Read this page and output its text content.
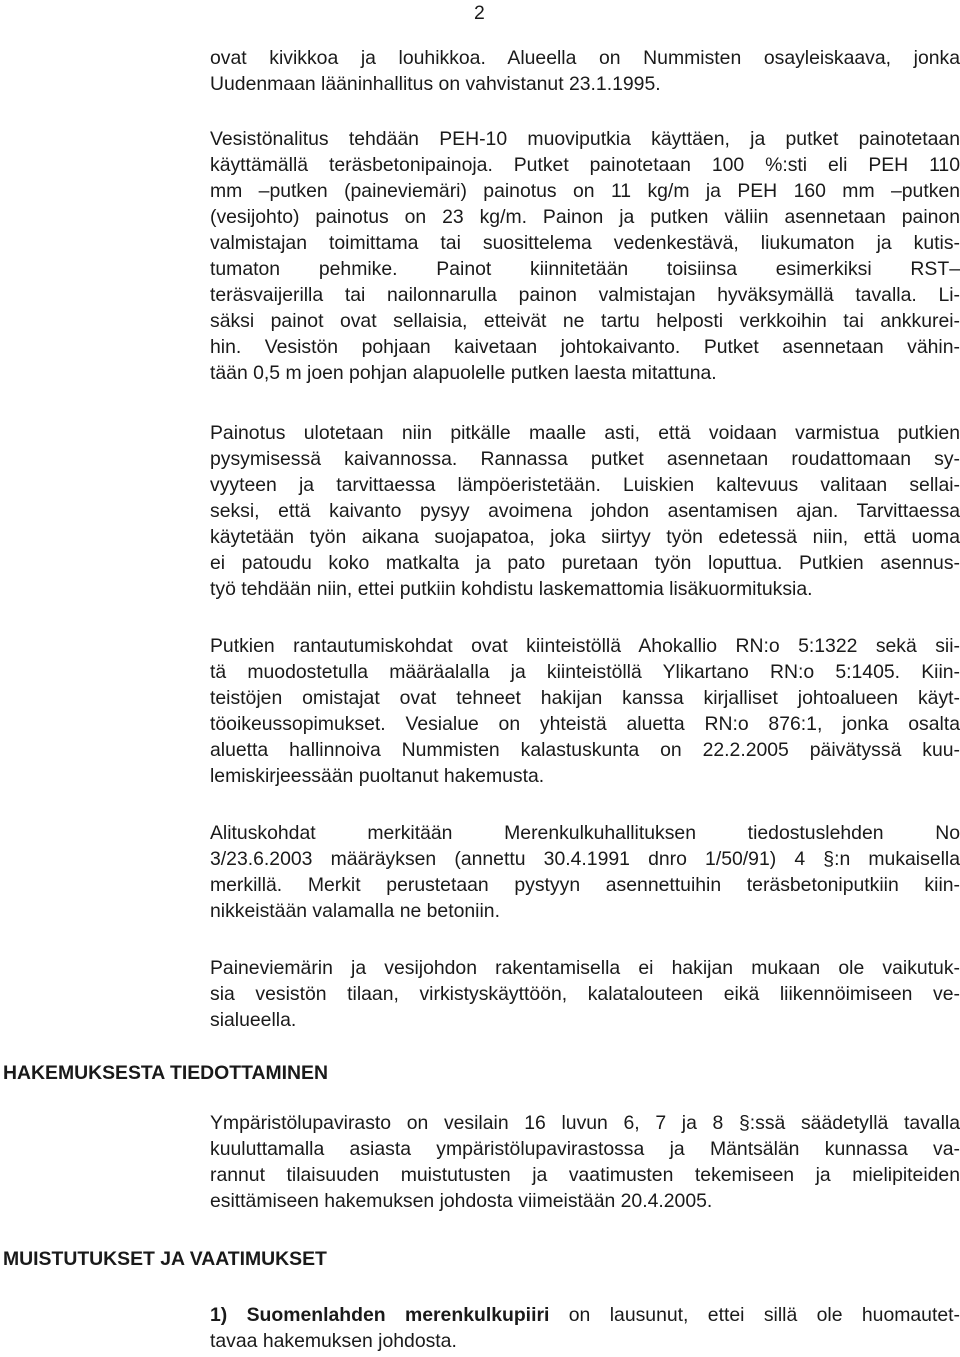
2
ovat kivikkoa ja louhikkoa. Alueella on Nummisten osayleiskaava, jonka
Uudenmaan lääninhallitus on vahvistanut 23.1.1995.
Vesistönalitus tehdään PEH-10 muoviputkia käyttäen, ja putket painotetaan
käyttämällä teräsbetonipainoja. Putket painotetaan 100 %:sti eli PEH 110
mm –putken (paineviemäri) painotus on 11 kg/m ja PEH 160 mm –putken
(vesijohto) painotus on 23 kg/m. Painon ja putken väliin asennetaan painon
valmistajan toimittama tai suosittelema vedenkestävä, liukumaton ja kutis-
tumaton pehmike. Painot kiinnitetään toisiinsa esimerkiksi RST–
teräsvaijerilla tai nailonnarulla painon valmistajan hyväksymällä tavalla. Li-
säksi painot ovat sellaisia, etteivät ne tartu helposti verkkoihin tai ankkurei-
hin. Vesistön pohjaan kaivetaan johtokaivanto. Putket asennetaan vähin-
tään 0,5 m joen pohjan alapuolelle putken laesta mitattuna.
Painotus ulotetaan niin pitkälle maalle asti, että voidaan varmistua putkien
pysymisessä kaivannossa. Rannassa putket asennetaan roudattomaan sy-
vyyteen ja tarvittaessa lämpöeristetään. Luiskien kaltevuus valitaan sellai-
seksi, että kaivanto pysyy avoimena johdon asentamisen ajan. Tarvittaessa
käytetään työn aikana suojapatoa, joka siirtyy työn edetessä niin, että uoma
ei patoudu koko matkalta ja pato puretaan työn loputtua. Putkien asennus-
työ tehdään niin, ettei putkiin kohdistu laskemattomia lisäkuormituksia.
Putkien rantautumiskohdat ovat kiinteistöllä Ahokallio RN:o 5:1322 sekä sii-
tä muodostetulla määräalalla ja kiinteistöllä Ylikartano RN:o 5:1405. Kiin-
teistöjen omistajat ovat tehneet hakijan kanssa kirjalliset johtoalueen käyt-
töoikeussopimukset. Vesialue on yhteistä aluetta RN:o 876:1, jonka osalta
aluetta hallinnoiva Nummisten kalastuskunta on 22.2.2005 päivätyssä kuu-
lemiskirjeessään puoltanut hakemusta.
Alituskohdat merkitään Merenkulkuhallituksen tiedostuslehden No
3/23.6.2003 määräyksen (annettu 30.4.1991 dnro 1/50/91) 4 §:n mukaisella
merkillä. Merkit perustetaan pystyyn asennettuihin teräsbetoniputkiin kiin-
nikkeistään valamalla ne betoniin.
Paineviemärin ja vesijohdon rakentamisella ei hakijan mukaan ole vaikutuk-
sia vesistön tilaan, virkistyskäyttöön, kalatalouteen eikä liikennöimiseen ve-
sialueella.
HAKEMUKSESTA TIEDOTTAMINEN
Ympäristölupavirasto on vesilain 16 luvun 6, 7 ja 8 §:ssä säädetyllä tavalla
kuuluttamalla asiasta ympäristölupavirastossa ja Mäntsälän kunnassa va-
rannut tilaisuuden muistutusten ja vaatimusten tekemiseen ja mielipiteiden
esittämiseen hakemuksen johdosta viimeistään 20.4.2005.
MUISTUTUKSET JA VAATIMUKSET
1) Suomenlahden merenkulkupiiri on lausunut, ettei sillä ole huomautet-
tavaa hakemuksen johdosta.
